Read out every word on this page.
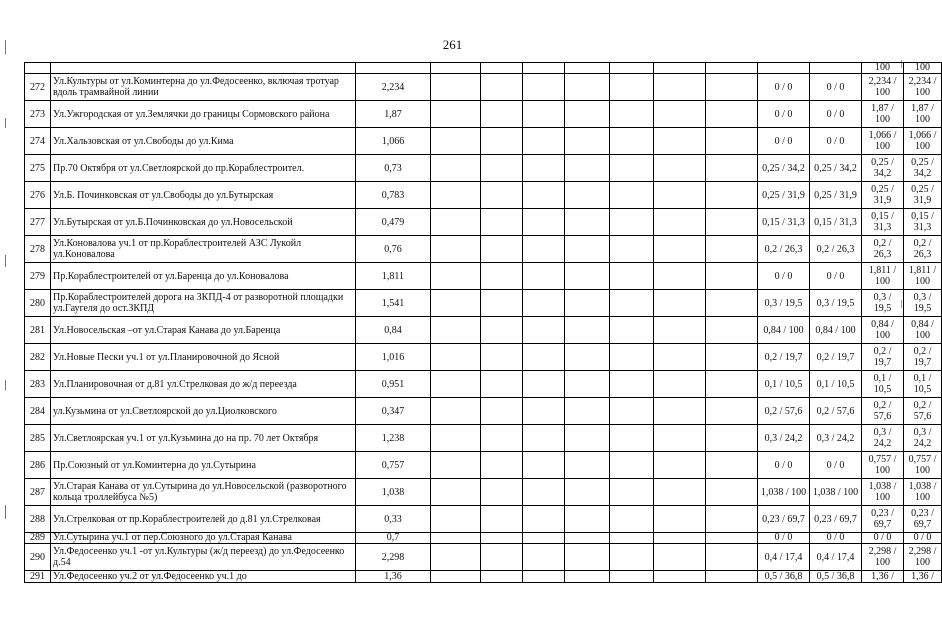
261
												100	100
272	Ул.Культуры от ул.Коминтерна до ул.Федосеенко, включая тротуар вдоль трамвайной линии	2,234								0 / 0	0 / 0	2,234 / 100	2,234 / 100
273	Ул.Ужгородская от ул.Землячки до границы Сормовского района	1,87								0 / 0	0 / 0	1,87 / 100	1,87 / 100
274	Ул.Хальзовская от ул.Свободы до ул.Кима	1,066								0 / 0	0 / 0	1,066 / 100	1,066 / 100
275	Пр.70 Октября от ул.Светлоярской до пр.Кораблестроител.	0,73								0,25 / 34,2	0,25 / 34,2	0,25 / 34,2	0,25 / 34,2
276	Ул.Б. Починковская от ул.Свободы до ул.Бутырская	0,783								0,25 / 31,9	0,25 / 31,9	0,25 / 31,9	0,25 / 31,9
277	Ул.Бутырская от ул.Б.Починковская до ул.Новосельской	0,479								0,15 / 31,3	0,15 / 31,3	0,15 / 31,3	0,15 / 31,3
278	Ул.Коновалова уч.1 от пр.Кораблестроителей АЗС Лукойл ул.Коновалова	0,76								0,2 / 26,3	0,2 / 26,3	0,2 / 26,3	0,2 / 26,3
279	Пр.Кораблестроителей от ул.Баренца до ул.Коновалова	1,811								0 / 0	0 / 0	1,811 / 100	1,811 / 100
280	Пр.Кораблестроителей дорога на ЗКПД-4 от разворотной площадки ул.Гаугеля до ост.ЗКПД	1,541								0,3 / 19,5	0,3 / 19,5	0,3 / 19,5	0,3 / 19,5
281	Ул.Новосельская –от ул.Старая Канава до ул.Баренца	0,84								0,84 / 100	0,84 / 100	0,84 / 100	0,84 / 100
282	Ул.Новые Пески уч.1 от ул.Планировочной до Ясной	1,016								0,2 / 19,7	0,2 / 19,7	0,2 / 19,7	0,2 / 19,7
283	Ул.Планировочная от д.81 ул.Стрелковая до ж/д переезда	0,951								0,1 / 10,5	0,1 / 10,5	0,1 / 10,5	0,1 / 10,5
284	ул.Кузьмина от ул.Светлоярской до ул.Циолковского	0,347								0,2 / 57,6	0,2 / 57,6	0,2 / 57,6	0,2 / 57,6
285	Ул.Светлоярская уч.1 от ул.Кузьмина до на пр. 70 лет Октября	1,238								0,3 / 24,2	0,3 / 24,2	0,3 / 24,2	0,3 / 24,2
286	Пр.Союзный от ул.Коминтерна до ул.Сутырина	0,757								0 / 0	0 / 0	0,757 / 100	0,757 / 100
287	Ул.Старая Канава от ул.Сутырина до ул.Новосельской (разворотного кольца троллейбуса №5)	1,038								1,038 / 100	1,038 / 100	1,038 / 100	1,038 / 100
288	Ул.Стрелковая от пр.Кораблестроителей до д.81 ул.Стрелковая	0,33								0,23 / 69,7	0,23 / 69,7	0,23 / 69,7	0,23 / 69,7
289	Ул.Сутырина уч.1 от пер.Союзного до ул.Старая Канава	0,7								0 / 0	0 / 0	0 / 0	0 / 0
290	Ул.Федосеенко уч.1 -от ул.Культуры (ж/д переезд) до ул.Федосеенко д.54	2,298								0,4 / 17,4	0,4 / 17,4	2,298 / 100	2,298 / 100
291	Ул.Федосеенко уч.2 от ул.Федосеенко уч.1 до	1,36								0,5 / 36,8	0,5 / 36,8	1,36 /	1,36 /
